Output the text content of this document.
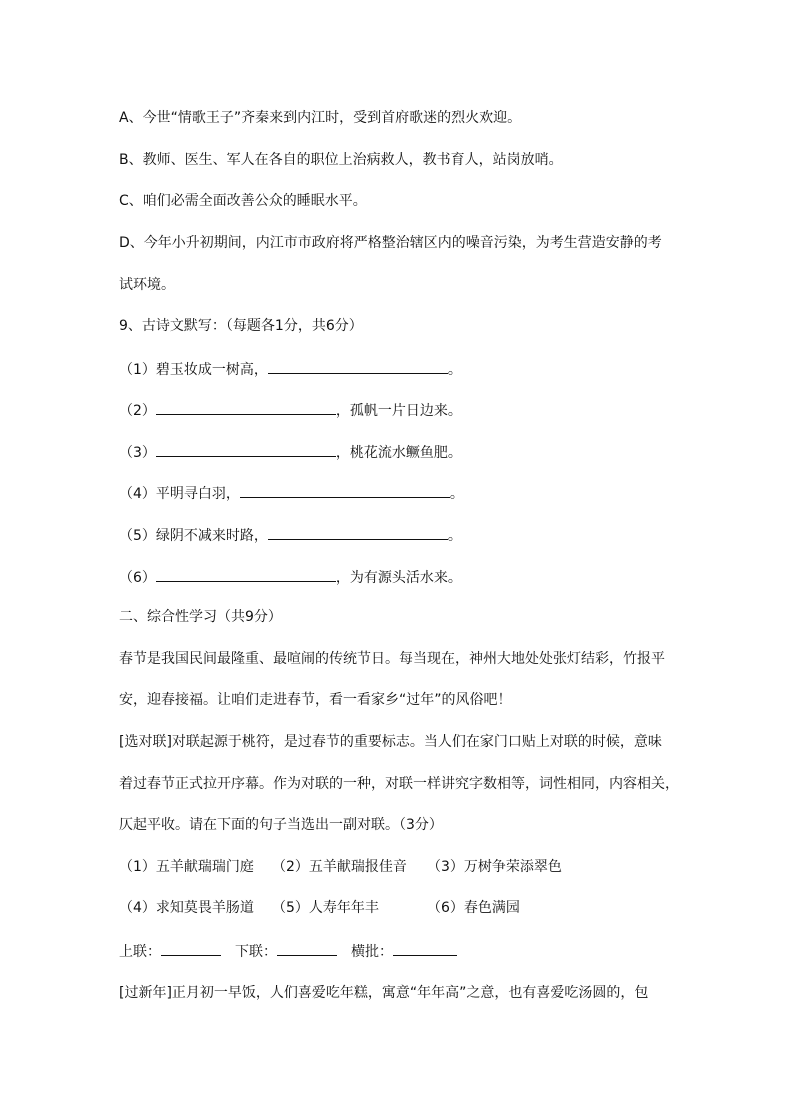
A、今世“情歌王子”齐秦来到内江时，受到首府歌迷的烈火欢迎。
B、教师、医生、军人在各自的职位上治病救人，教书育人，站岗放哨。
C、咱们必需全面改善公众的睡眠水平。
D、今年小升初期间，内江市市政府将严格整治辖区内的噪音污染，为考生营造安静的考
试环境。
9、古诗文默写：（每题各1分，共6分）
（1）碧玉妆成一树高，	。
（2）	，孤帆一片日边来。
（3）	，桃花流水鳜鱼肥。
（4）平明寻白羽，	。
（5）绿阴不减来时路，	。
（6）	，为有源头活水来。
二、综合性学习（共9分）
春节是我国民间最隆重、最喧闹的传统节日。每当现在，神州大地处处张灯结彩，竹报平
安，迎春接福。让咱们走进春节，看一看家乡“过年”的风俗吧！
[选对联]对联起源于桃符，是过春节的重要标志。当人们在家门口贴上对联的时候，意味
着过春节正式拉开序幕。作为对联的一种，对联一样讲究字数相等，词性相同，内容相关，
仄起平收。请在下面的句子当选出一副对联。（3分）
（1）五羊献瑞瑞门庭 （2）五羊献瑞报佳音 （3）万树争荣添翠色
（4）求知莫畏羊肠道 （5）人寿年年丰	（6）春色满园
上联：	下联：	横批：
[过新年]正月初一早饭，人们喜爱吃年糕，寓意“年年高”之意，也有喜爱吃汤圆的，包
